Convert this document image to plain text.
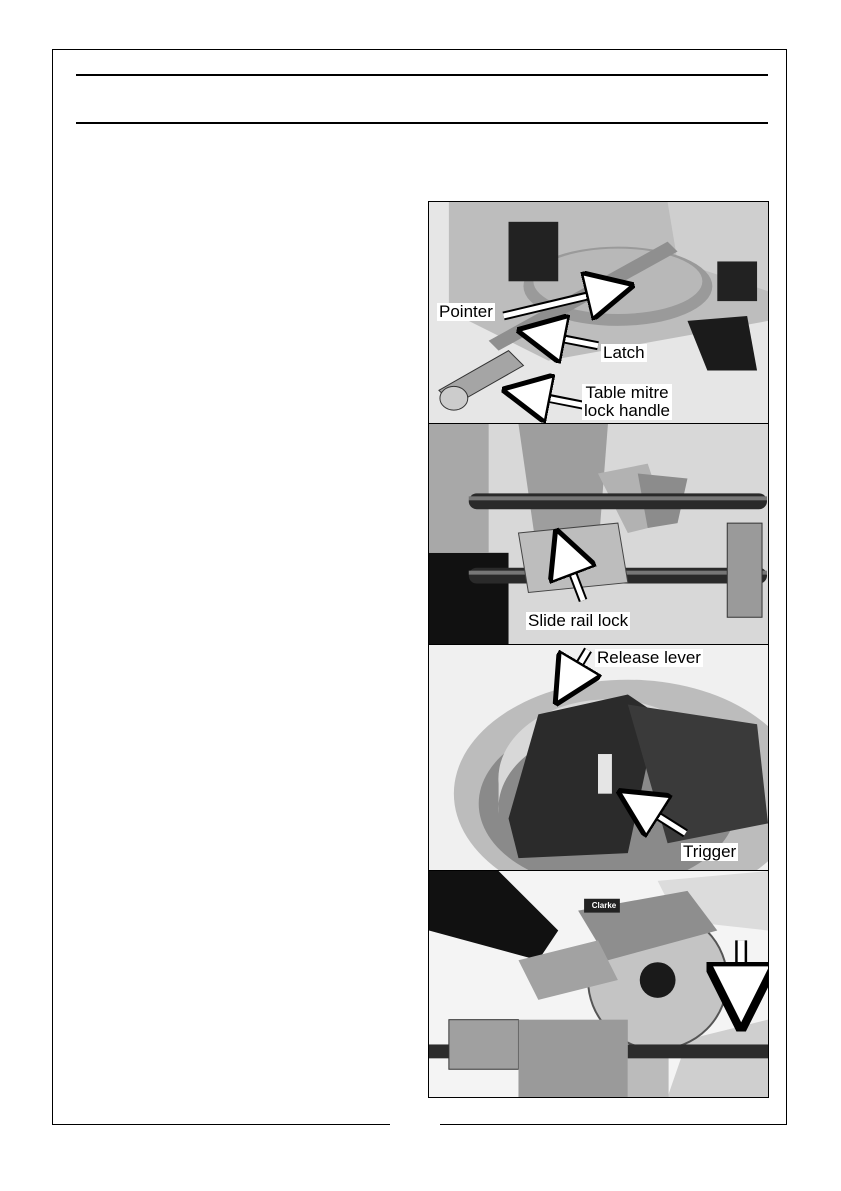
Pointer
Latch
Table mitre
lock handle
Slide rail lock
Release lever
Trigger
Clarke
